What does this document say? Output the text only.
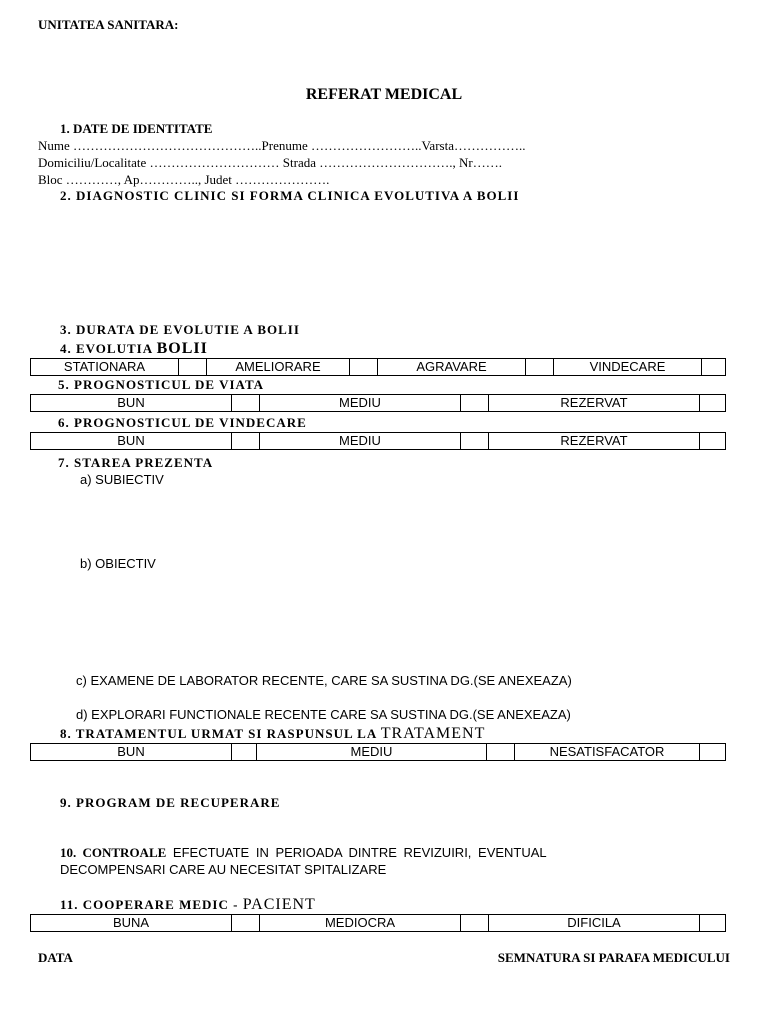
UNITATEA SANITARA:
REFERAT MEDICAL
1. DATE DE IDENTITATE
Nume ……………………………………..Prenume ……………………..Varsta……………..
Domiciliu/Localitate ………………………… Strada …………………………., Nr…….
Bloc …………, Ap………….., Judet ………………….
2. DIAGNOSTIC CLINIC SI FORMA CLINICA EVOLUTIVA A BOLII
3. DURATA DE EVOLUTIE A BOLII
4. EVOLUTIA BOLII
STATIONARA		AMELIORARE		AGRAVARE		VINDECARE	
5. PROGNOSTICUL DE VIATA
BUN		MEDIU		REZERVAT	
6. PROGNOSTICUL DE VINDECARE
BUN		MEDIU		REZERVAT	
7. STAREA PREZENTA
a) SUBIECTIV
b) OBIECTIV
c) EXAMENE DE LABORATOR RECENTE, CARE SA SUSTINA DG.(SE ANEXEAZA)
d) EXPLORARI FUNCTIONALE RECENTE CARE SA SUSTINA DG.(SE ANEXEAZA)
8. TRATAMENTUL URMAT SI RASPUNSUL LA TRATAMENT
BUN		MEDIU		NESATISFACATOR	
9. PROGRAM DE RECUPERARE
10. CONTROALE EFECTUATE IN PERIOADA DINTRE REVIZUIRI, EVENTUAL
DECOMPENSARI CARE AU NECESITAT SPITALIZARE
11. COOPERARE MEDIC - PACIENT
BUNA		MEDIOCRA		DIFICILA	
DATA	SEMNATURA SI PARAFA MEDICULUI
